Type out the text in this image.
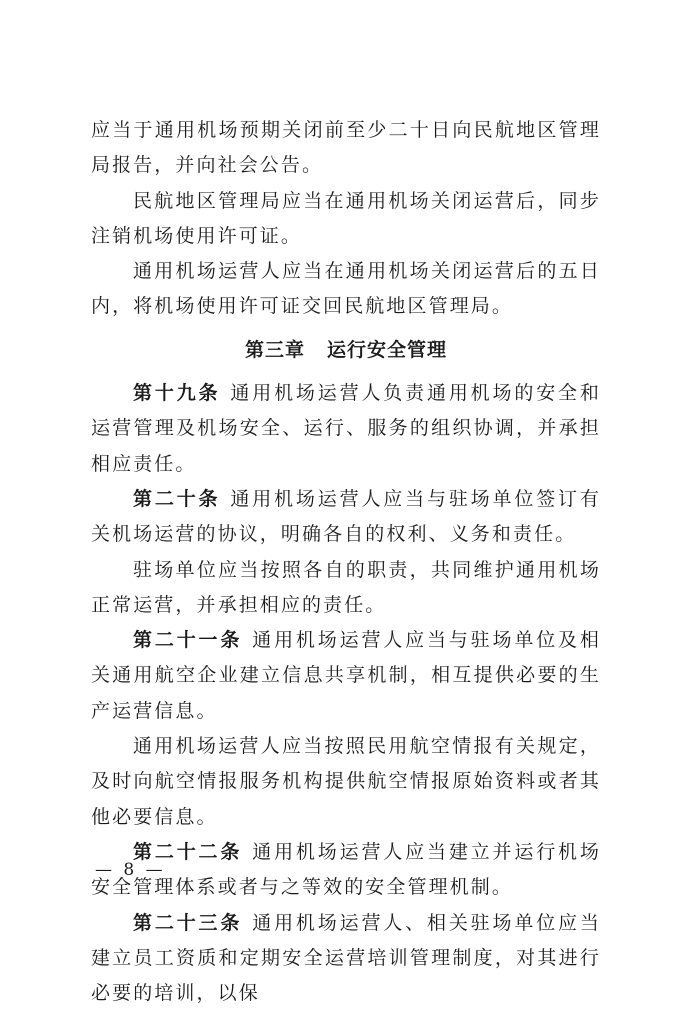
应当于通用机场预期关闭前至少二十日向民航地区管理局报告，并向社会公告。

民航地区管理局应当在通用机场关闭运营后，同步注销机场使用许可证。

通用机场运营人应当在通用机场关闭运营后的五日内，将机场使用许可证交回民航地区管理局。

第三章 运行安全管理

第十九条 通用机场运营人负责通用机场的安全和运营管理及机场安全、运行、服务的组织协调，并承担相应责任。

第二十条 通用机场运营人应当与驻场单位签订有关机场运营的协议，明确各自的权利、义务和责任。

驻场单位应当按照各自的职责，共同维护通用机场正常运营，并承担相应的责任。

第二十一条 通用机场运营人应当与驻场单位及相关通用航空企业建立信息共享机制，相互提供必要的生产运营信息。

通用机场运营人应当按照民用航空情报有关规定，及时向航空情报服务机构提供航空情报原始资料或者其他必要信息。

第二十二条 通用机场运营人应当建立并运行机场安全管理体系或者与之等效的安全管理机制。

第二十三条 通用机场运营人、相关驻场单位应当建立员工资质和定期安全运营培训管理制度，对其进行必要的培训，以保

— 8 —
